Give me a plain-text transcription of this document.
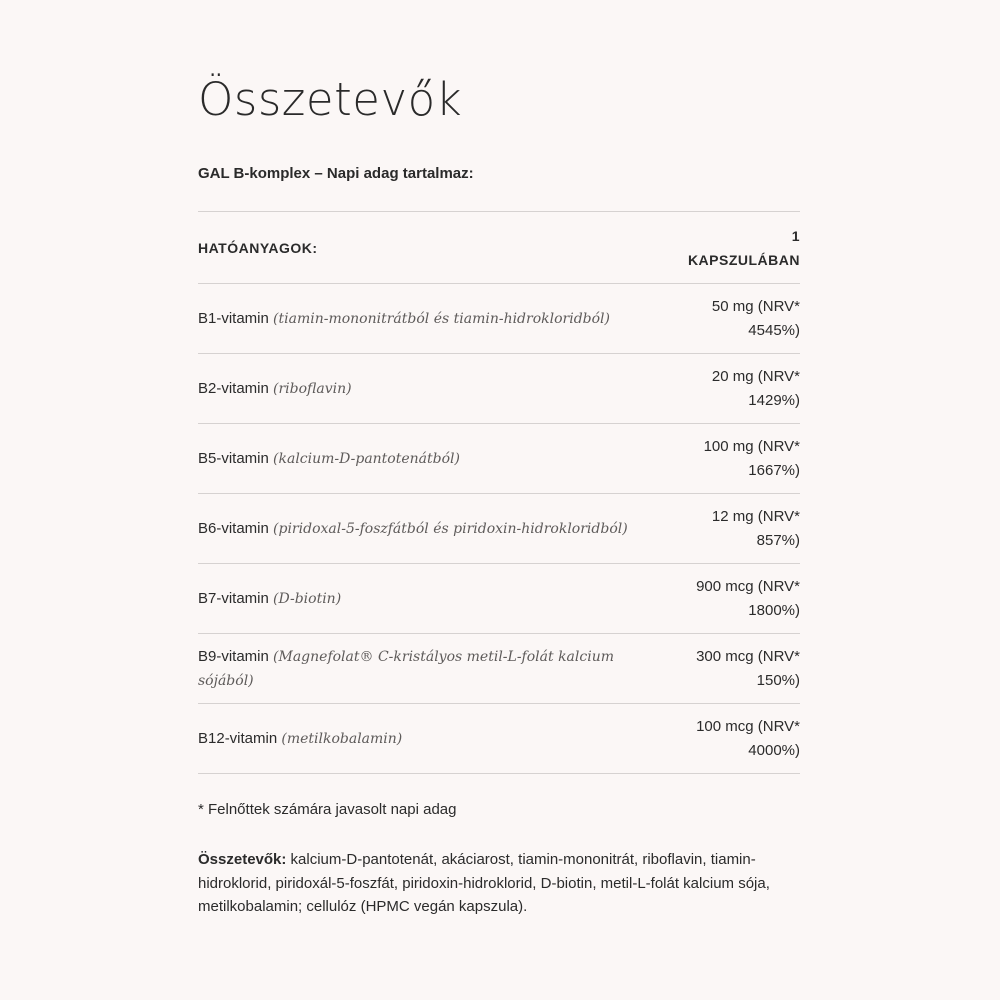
Összetevők
GAL B-komplex – Napi adag tartalmaz:
HATÓANYAGOK:
1
KAPSZULÁBAN
B1-vitamin (tiamin-mononitrátból és tiamin-hidrokloridból)
50 mg (NRV*
4545%)
B2-vitamin (riboflavin)
20 mg (NRV*
1429%)
B5-vitamin (kalcium-D-pantotenátból)
100 mg (NRV*
1667%)
B6-vitamin (piridoxal-5-foszfátból és piridoxin-hidrokloridból)
12 mg (NRV*
857%)
B7-vitamin (D-biotin)
900 mcg (NRV*
1800%)
B9-vitamin (Magnefolat® C-kristályos metil-L-folát kalcium sójából)
300 mcg (NRV*
150%)
B12-vitamin (metilkobalamin)
100 mcg (NRV*
4000%)
* Felnőttek számára javasolt napi adag
Összetevők: kalcium-D-pantotenát, akáciarost, tiamin-mononitrát, riboflavin, tiamin-hidroklorid, piridoxál-5-foszfát, piridoxin-hidroklorid, D-biotin, metil-L-folát kalcium sója, metilkobalamin; cellulóz (HPMC vegán kapszula).
